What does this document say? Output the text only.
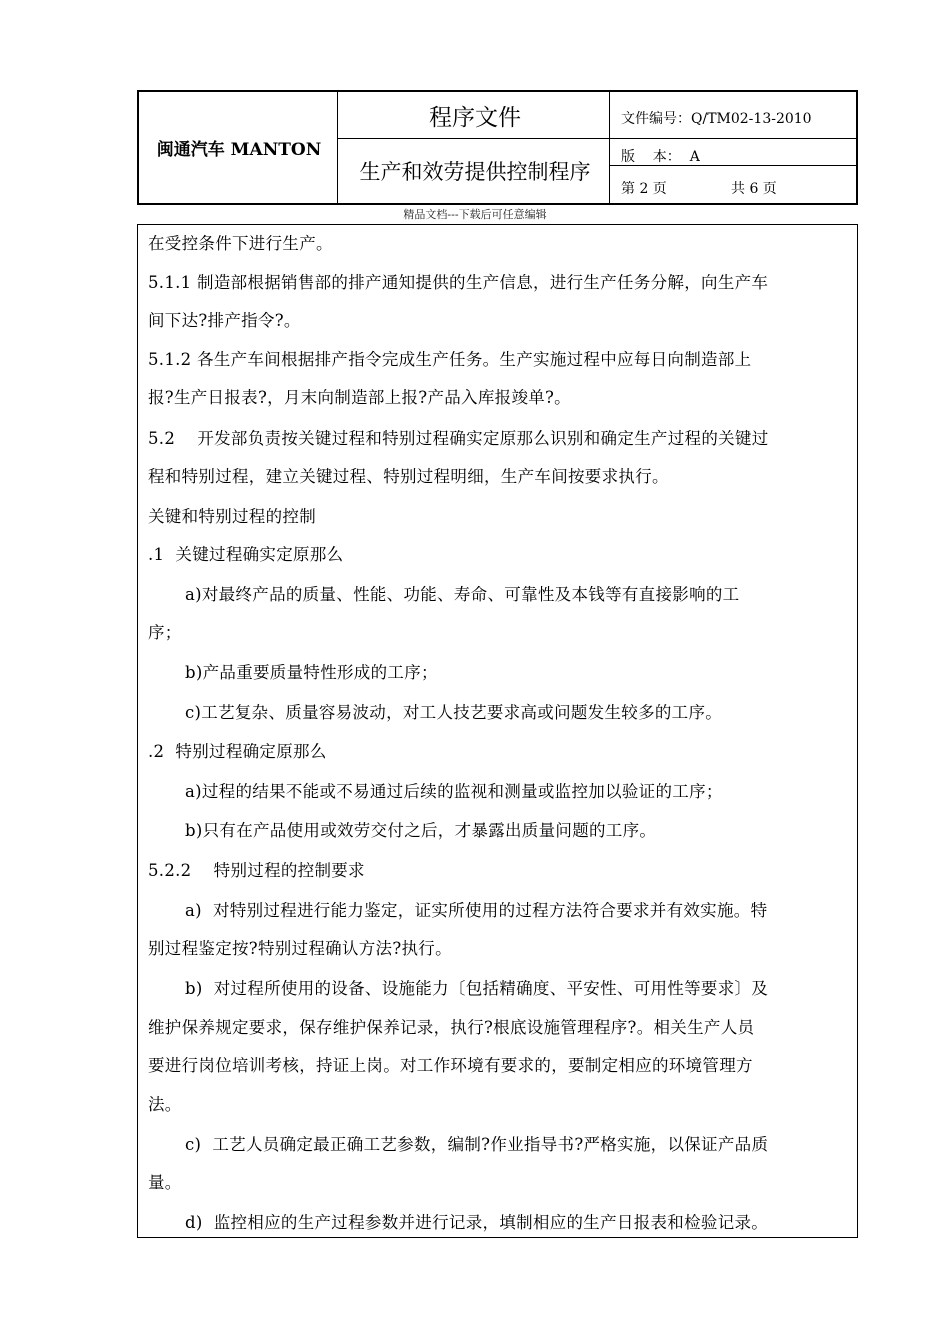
闽通汽车 MANTON
程序文件
生产和效劳提供控制程序
文件编号：Q/TM02-13-2010
版    本：  A
第 2 页	共 6 页
精品文档---下载后可任意编辑
在受控条件下进行生产。
5.1.1 制造部根据销售部的排产通知提供的生产信息，进行生产任务分解，向生产车
间下达?排产指令?。
5.1.2 各生产车间根据排产指令完成生产任务。生产实施过程中应每日向制造部上
报?生产日报表?，月末向制造部上报?产品入库报竣单?。
5.2    开发部负责按关键过程和特别过程确实定原那么识别和确定生产过程的关键过
程和特别过程，建立关键过程、特别过程明细，生产车间按要求执行。
关键和特别过程的控制
.1  关键过程确实定原那么
a)对最终产品的质量、性能、功能、寿命、可靠性及本钱等有直接影响的工
序；
b)产品重要质量特性形成的工序；
c)工艺复杂、质量容易波动，对工人技艺要求高或问题发生较多的工序。
.2  特别过程确定原那么
a)过程的结果不能或不易通过后续的监视和测量或监控加以验证的工序；
b)只有在产品使用或效劳交付之后，才暴露出质量问题的工序。
5.2.2    特别过程的控制要求
a)  对特别过程进行能力鉴定，证实所使用的过程方法符合要求并有效实施。特
别过程鉴定按?特别过程确认方法?执行。
b)  对过程所使用的设备、设施能力〔包括精确度、平安性、可用性等要求〕及
维护保养规定要求，保存维护保养记录，执行?根底设施管理程序?。相关生产人员
要进行岗位培训考核，持证上岗。对工作环境有要求的，要制定相应的环境管理方
法。
c)  工艺人员确定最正确工艺参数，编制?作业指导书?严格实施，以保证产品质
量。
d)  监控相应的生产过程参数并进行记录，填制相应的生产日报表和检验记录。
